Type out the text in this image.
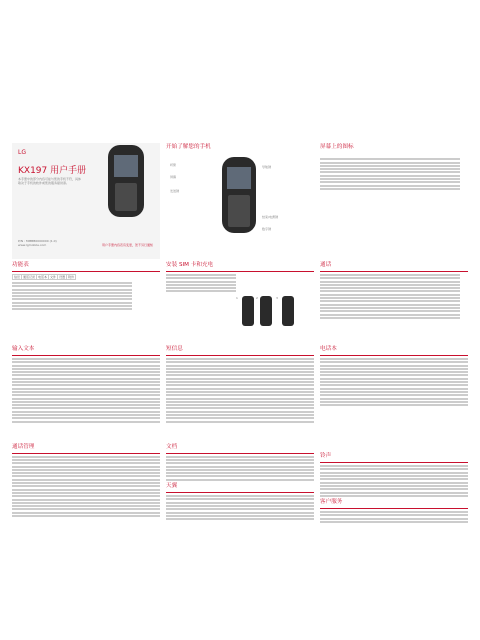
LG
KX197 用户手册
本手册中的部分内容可能与您的手机不符，具体取决于手机的软件或您的服务提供商。
P/N : MMBB0000000 (1.0)
www.lgmobile.com	用户手册内容若有变更，恕不另行通知
功能表
信息	通话记录	电话本	文件	设置	附件
开始了解您的手机
听筒
屏幕
发送键
导航键
结束/电源键
数字键
安装 SIM 卡和充电
1	2	3
屏幕上的图标
通话
输入文本
通话管理
短信息
文档
天翼
电话本
铃声
客户服务
